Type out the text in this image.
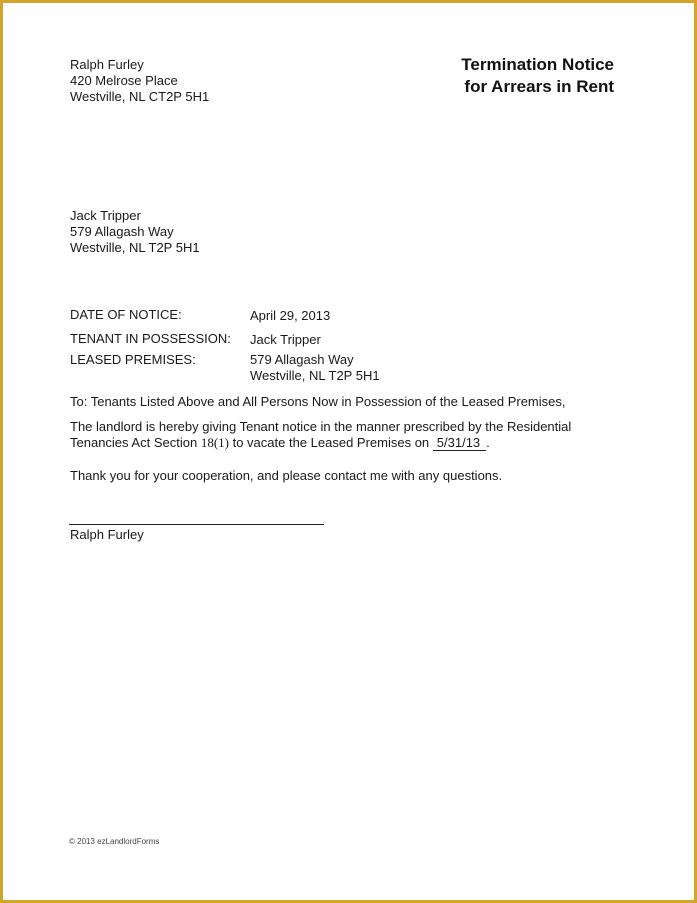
Termination Notice
for Arrears in Rent
Ralph Furley
420 Melrose Place
Westville, NL CT2P 5H1
Jack Tripper
579 Allagash Way
Westville, NL T2P 5H1
DATE OF NOTICE:	April 29, 2013
TENANT IN POSSESSION: Jack Tripper
LEASED PREMISES:	579 Allagash Way
Westville, NL T2P 5H1
To: Tenants Listed Above and All Persons Now in Possession of the Leased Premises,
The landlord is hereby giving Tenant notice in the manner prescribed by the Residential
Tenancies Act Section 18(1) to vacate the Leased Premises on 5/31/13 .
Thank you for your cooperation, and please contact me with any questions.
Ralph Furley
© 2013 ezLandlordForms
